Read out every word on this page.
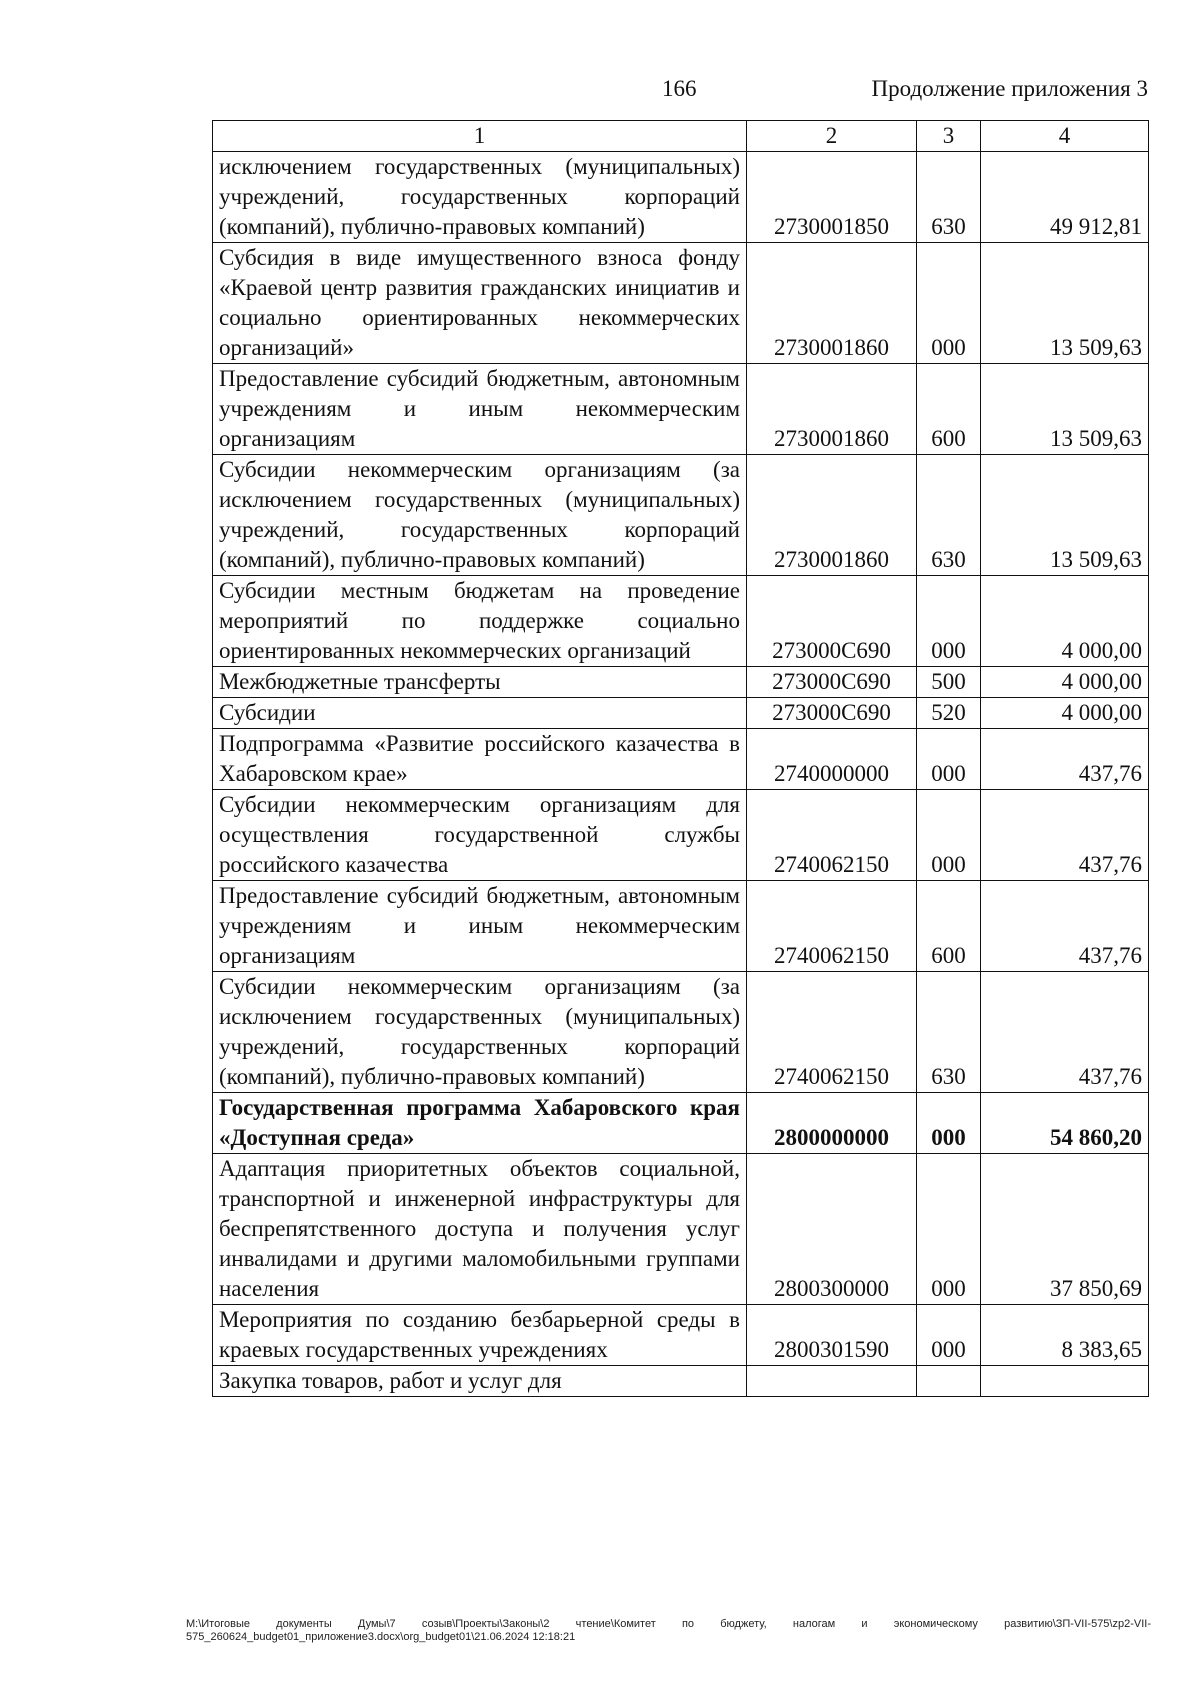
166	Продолжение приложения 3
1	2	3	4
исключением государственных (муниципальных) учреждений, государственных корпораций (компаний), публично-правовых компаний)	2730001850	630	49 912,81
Субсидия в виде имущественного взноса фонду «Краевой центр развития гражданских инициатив и социально ориентированных некоммерческих организаций»	2730001860	000	13 509,63
Предоставление субсидий бюджетным, автономным учреждениям и иным некоммерческим организациям	2730001860	600	13 509,63
Субсидии некоммерческим организациям (за исключением государственных (муниципальных) учреждений, государственных корпораций (компаний), публично-правовых компаний)	2730001860	630	13 509,63
Субсидии местным бюджетам на проведение мероприятий по поддержке социально ориентированных некоммерческих организаций	273000С690	000	4 000,00
Межбюджетные трансферты	273000С690	500	4 000,00
Субсидии	273000С690	520	4 000,00
Подпрограмма «Развитие российского казачества в Хабаровском крае»	2740000000	000	437,76
Субсидии некоммерческим организациям для осуществления государственной службы российского казачества	2740062150	000	437,76
Предоставление субсидий бюджетным, автономным учреждениям и иным некоммерческим организациям	2740062150	600	437,76
Субсидии некоммерческим организациям (за исключением государственных (муниципальных) учреждений, государственных корпораций (компаний), публично-правовых компаний)	2740062150	630	437,76
Государственная программа Хабаровского края «Доступная среда»	2800000000	000	54 860,20
Адаптация приоритетных объектов социальной, транспортной и инженерной инфраструктуры для беспрепятственного доступа и получения услуг инвалидами и другими маломобильными группами населения	2800300000	000	37 850,69
Мероприятия по созданию безбарьерной среды в краевых государственных учреждениях	2800301590	000	8 383,65
Закупка товаров, работ и услуг для			
М:\Итоговые документы Думы\7 созыв\Проекты\Законы\2 чтение\Комитет по бюджету, налогам и экономическому развитию\ЗП-VII-575\zp2-VII-575_260624_budget01_приложение3.docx\org_budget01\21.06.2024 12:18:21
